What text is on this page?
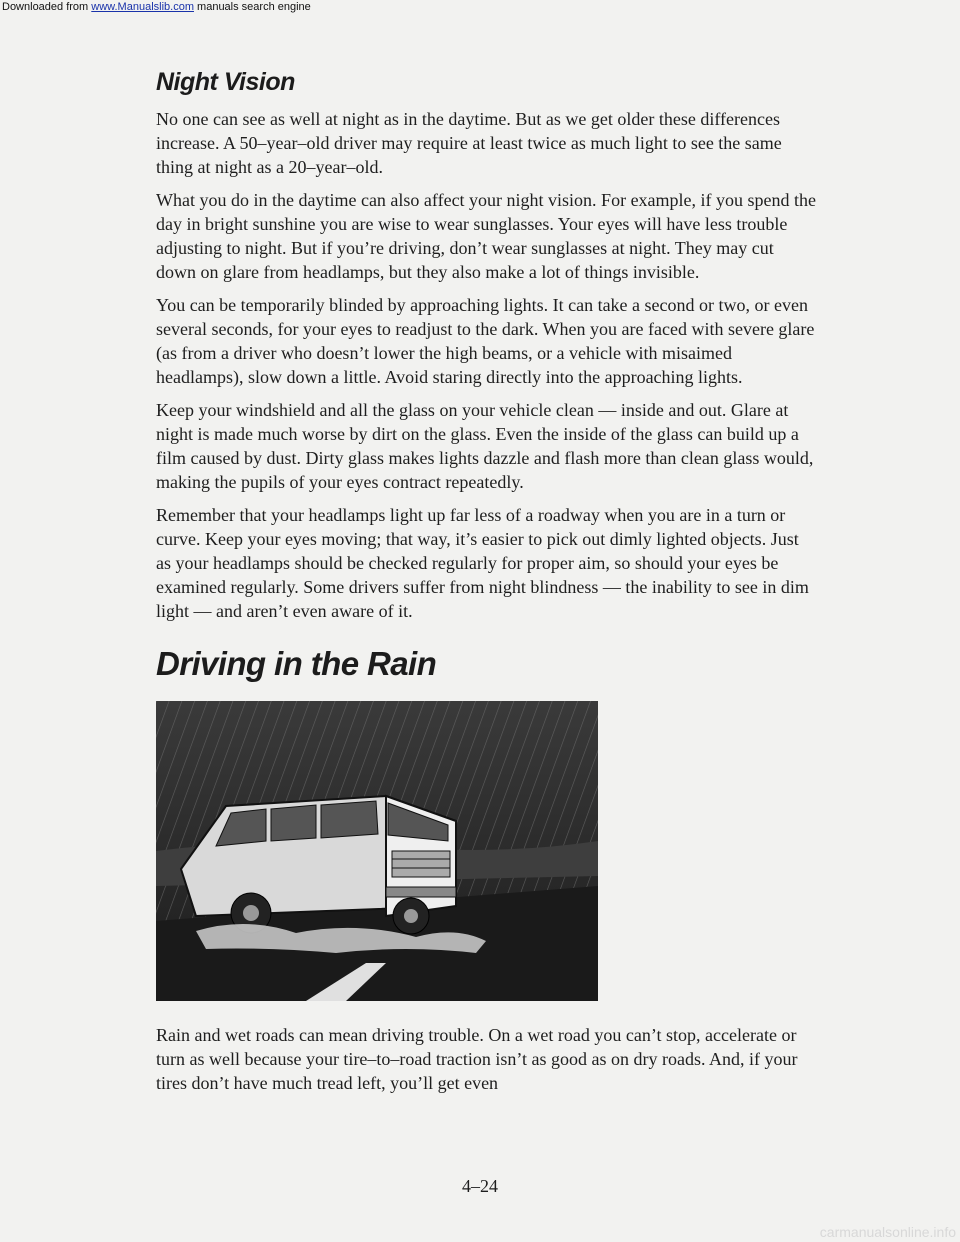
Downloaded from www.Manualslib.com manuals search engine
Night Vision

No one can see as well at night as in the daytime. But as we get older these differences increase. A 50–year–old driver may require at least twice as much light to see the same thing at night as a 20–year–old.

What you do in the daytime can also affect your night vision. For example, if you spend the day in bright sunshine you are wise to wear sunglasses. Your eyes will have less trouble adjusting to night. But if you’re driving, don’t wear sunglasses at night. They may cut down on glare from headlamps, but they also make a lot of things invisible.

You can be temporarily blinded by approaching lights. It can take a second or two, or even several seconds, for your eyes to readjust to the dark. When you are faced with severe glare (as from a driver who doesn’t lower the high beams, or a vehicle with misaimed headlamps), slow down a little. Avoid staring directly into the approaching lights.

Keep your windshield and all the glass on your vehicle clean — inside and out. Glare at night is made much worse by dirt on the glass. Even the inside of the glass can build up a film caused by dust. Dirty glass makes lights dazzle and flash more than clean glass would, making the pupils of your eyes contract repeatedly.

Remember that your headlamps light up far less of a roadway when you are in a turn or curve. Keep your eyes moving; that way, it’s easier to pick out dimly lighted objects. Just as your headlamps should be checked regularly for proper aim, so should your eyes be examined regularly. Some drivers suffer from night blindness — the inability to see in dim light — and aren’t even aware of it.

Driving in the Rain

Rain and wet roads can mean driving trouble. On a wet road you can’t stop, accelerate or turn as well because your tire–to–road traction isn’t as good as on dry roads. And, if your tires don’t have much tread left, you’ll get even

4–24
carmanualsonline.info
